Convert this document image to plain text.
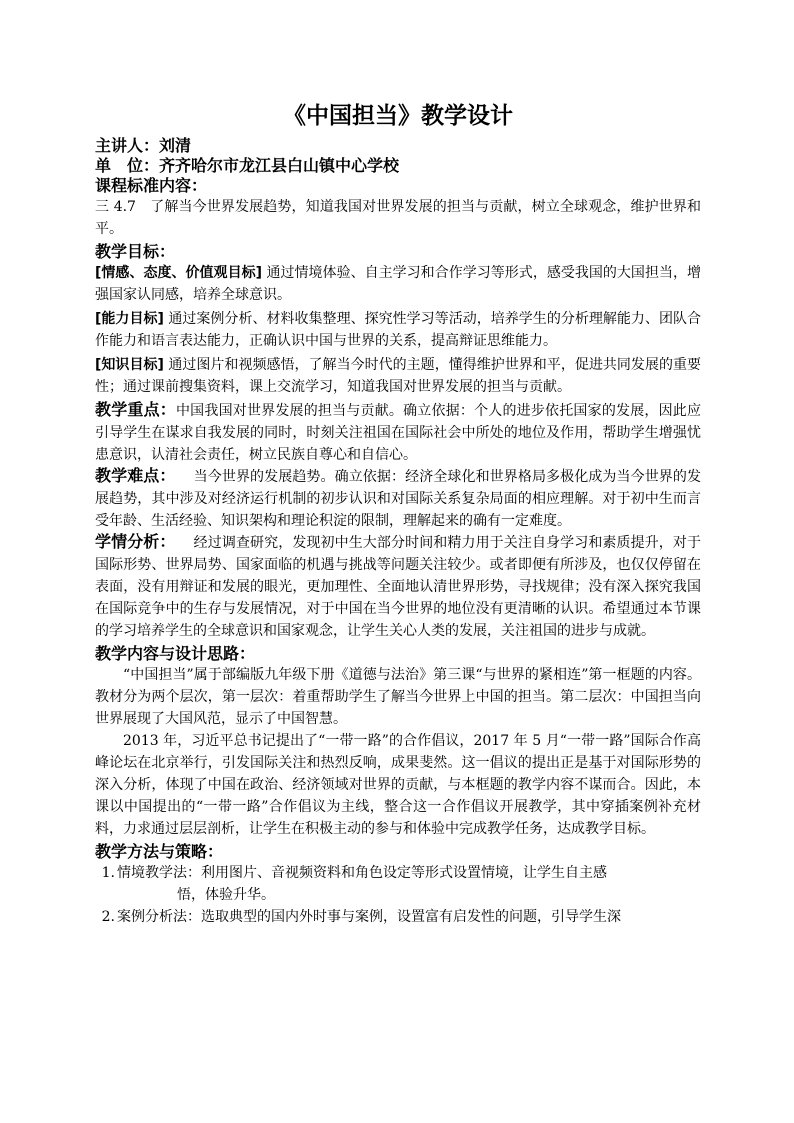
《中国担当》教学设计
主讲人：刘清
单　位：齐齐哈尔市龙江县白山镇中心学校
课程标准内容：

三 4.7　了解当今世界发展趋势，知道我国对世界发展的担当与贡献，树立全球观念，维护世界和平。

教学目标：

[情感、态度、价值观目标] 通过情境体验、自主学习和合作学习等形式，感受我国的大国担当，增强国家认同感，培养全球意识。

[能力目标] 通过案例分析、材料收集整理、探究性学习等活动，培养学生的分析理解能力、团队合作能力和语言表达能力，正确认识中国与世界的关系，提高辩证思维能力。

[知识目标] 通过图片和视频感悟，了解当今时代的主题，懂得维护世界和平，促进共同发展的重要性；通过课前搜集资料，课上交流学习，知道我国对世界发展的担当与贡献。

教学重点：中国我国对世界发展的担当与贡献。确立依据：个人的进步依托国家的发展，因此应引导学生在谋求自我发展的同时，时刻关注祖国在国际社会中所处的地位及作用，帮助学生增强忧患意识，认清社会责任，树立民族自尊心和自信心。

教学难点： 当今世界的发展趋势。确立依据：经济全球化和世界格局多极化成为当今世界的发展趋势，其中涉及对经济运行机制的初步认识和对国际关系复杂局面的相应理解。对于初中生而言受年龄、生活经验、知识架构和理论积淀的限制，理解起来的确有一定难度。

学情分析： 经过调查研究，发现初中生大部分时间和精力用于关注自身学习和素质提升，对于国际形势、世界局势、国家面临的机遇与挑战等问题关注较少。或者即便有所涉及，也仅仅停留在表面，没有用辩证和发展的眼光，更加理性、全面地认清世界形势，寻找规律；没有深入探究我国在国际竞争中的生存与发展情况，对于中国在当今世界的地位没有更清晰的认识。希望通过本节课的学习培养学生的全球意识和国家观念，让学生关心人类的发展，关注祖国的进步与成就。

教学内容与设计思路：

“中国担当”属于部编版九年级下册《道德与法治》第三课“与世界的紧相连”第一框题的内容。教材分为两个层次，第一层次：着重帮助学生了解当今世界上中国的担当。第二层次：中国担当向世界展现了大国风范，显示了中国智慧。

2013 年，习近平总书记提出了“一带一路”的合作倡议，2017 年 5 月“一带一路”国际合作高峰论坛在北京举行，引发国际关注和热烈反响，成果斐然。这一倡议的提出正是基于对国际形势的深入分析，体现了中国在政治、经济领域对世界的贡献，与本框题的教学内容不谋而合。因此，本课以中国提出的“一带一路”合作倡议为主线，整合这一合作倡议开展教学，其中穿插案例补充材料，力求通过层层剖析，让学生在积极主动的参与和体验中完成教学任务，达成教学目标。

教学方法与策略：
1. 情境教学法：利用图片、音视频资料和角色设定等形式设置情境，让学生自主感
悟，体验升华。
2. 案例分析法：选取典型的国内外时事与案例，设置富有启发性的问题，引导学生深
